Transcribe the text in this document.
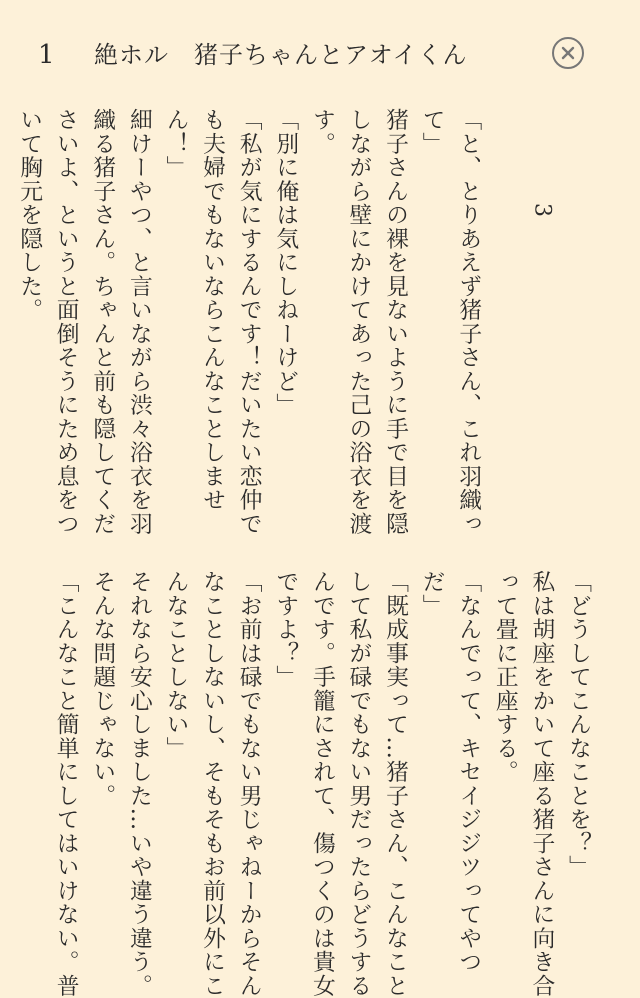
1 絶ホル　猪子ちゃんとアオイくん

3

「と、とりあえず猪子さん、これ羽織っ
て」
猪子さんの裸を見ないように手で目を隠
しながら壁にかけてあった己の浴衣を渡
す。
「別に俺は気にしねーけど」
「私が気にするんです！だいたい恋仲で
も夫婦でもないならこんなことしませ
ん！」
細けーやつ、と言いながら渋々浴衣を羽
織る猪子さん。ちゃんと前も隠してくだ
さいよ、というと面倒そうにため息をつ
いて胸元を隠した。
「どうしてこんなことを？」
私は胡座をかいて座る猪子さんに向き合
って畳に正座する。
「なんでって、キセイジジツってやつ
だ」
「既成事実って…猪子さん、こんなこと
して私が碌でもない男だったらどうする
んです。手籠にされて、傷つくのは貴女
ですよ？」
「お前は碌でもない男じゃねーからそん
なことしないし、そもそもお前以外にこ
んなことしない」
それなら安心しました…いや違う違う。
そんな問題じゃない。
「こんなこと簡単にしてはいけない。普
